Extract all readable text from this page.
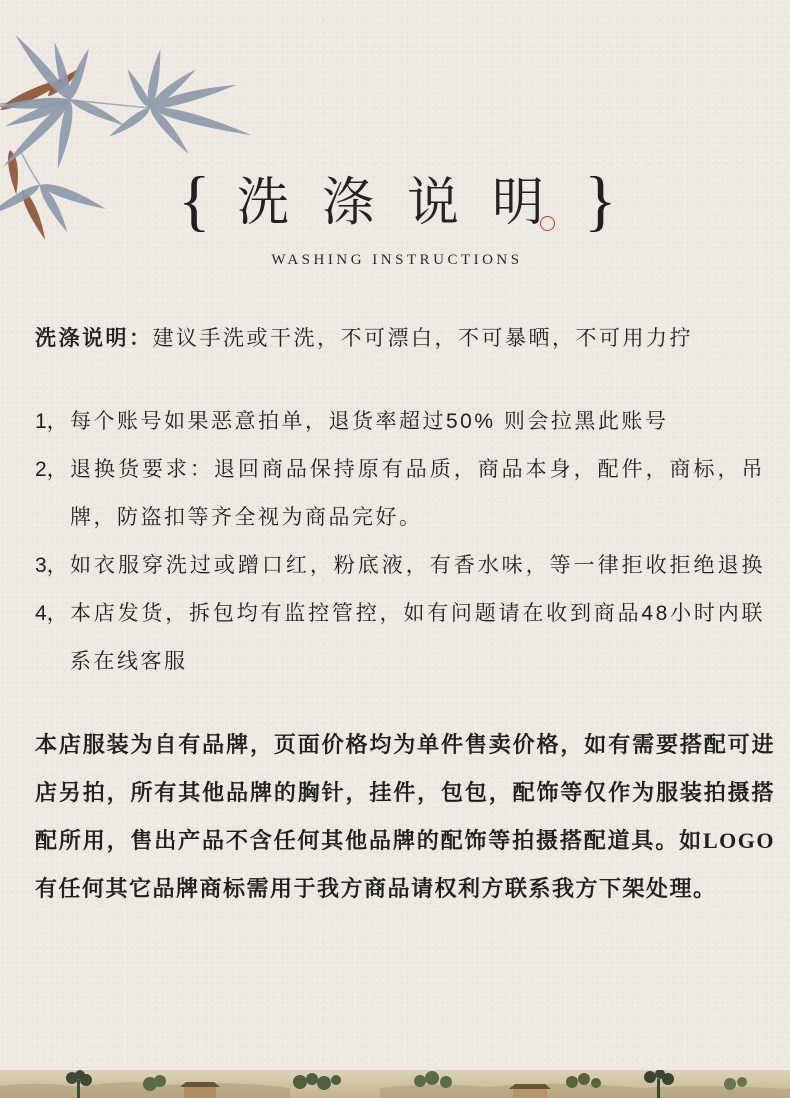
{ 洗涤说明 }
WASHING INSTRUCTIONS
洗涤说明：建议手洗或干洗，不可漂白，不可暴晒，不可用力拧
1， 每个账号如果恶意拍单，退货率超过50% 则会拉黑此账号
2， 退换货要求：退回商品保持原有品质，商品本身，配件，商标，吊
牌，防盗扣等齐全视为商品完好。
3， 如衣服穿洗过或蹭口红，粉底液，有香水味，等一律拒收拒绝退换
4， 本店发货，拆包均有监控管控，如有问题请在收到商品48小时内联
系在线客服
本店服装为自有品牌，页面价格均为单件售卖价格，如有需要搭配可进
店另拍，所有其他品牌的胸针，挂件，包包，配饰等仅作为服装拍摄搭
配所用，售出产品不含任何其他品牌的配饰等拍摄搭配道具。如LOGO
有任何其它品牌商标需用于我方商品请权利方联系我方下架处理。
